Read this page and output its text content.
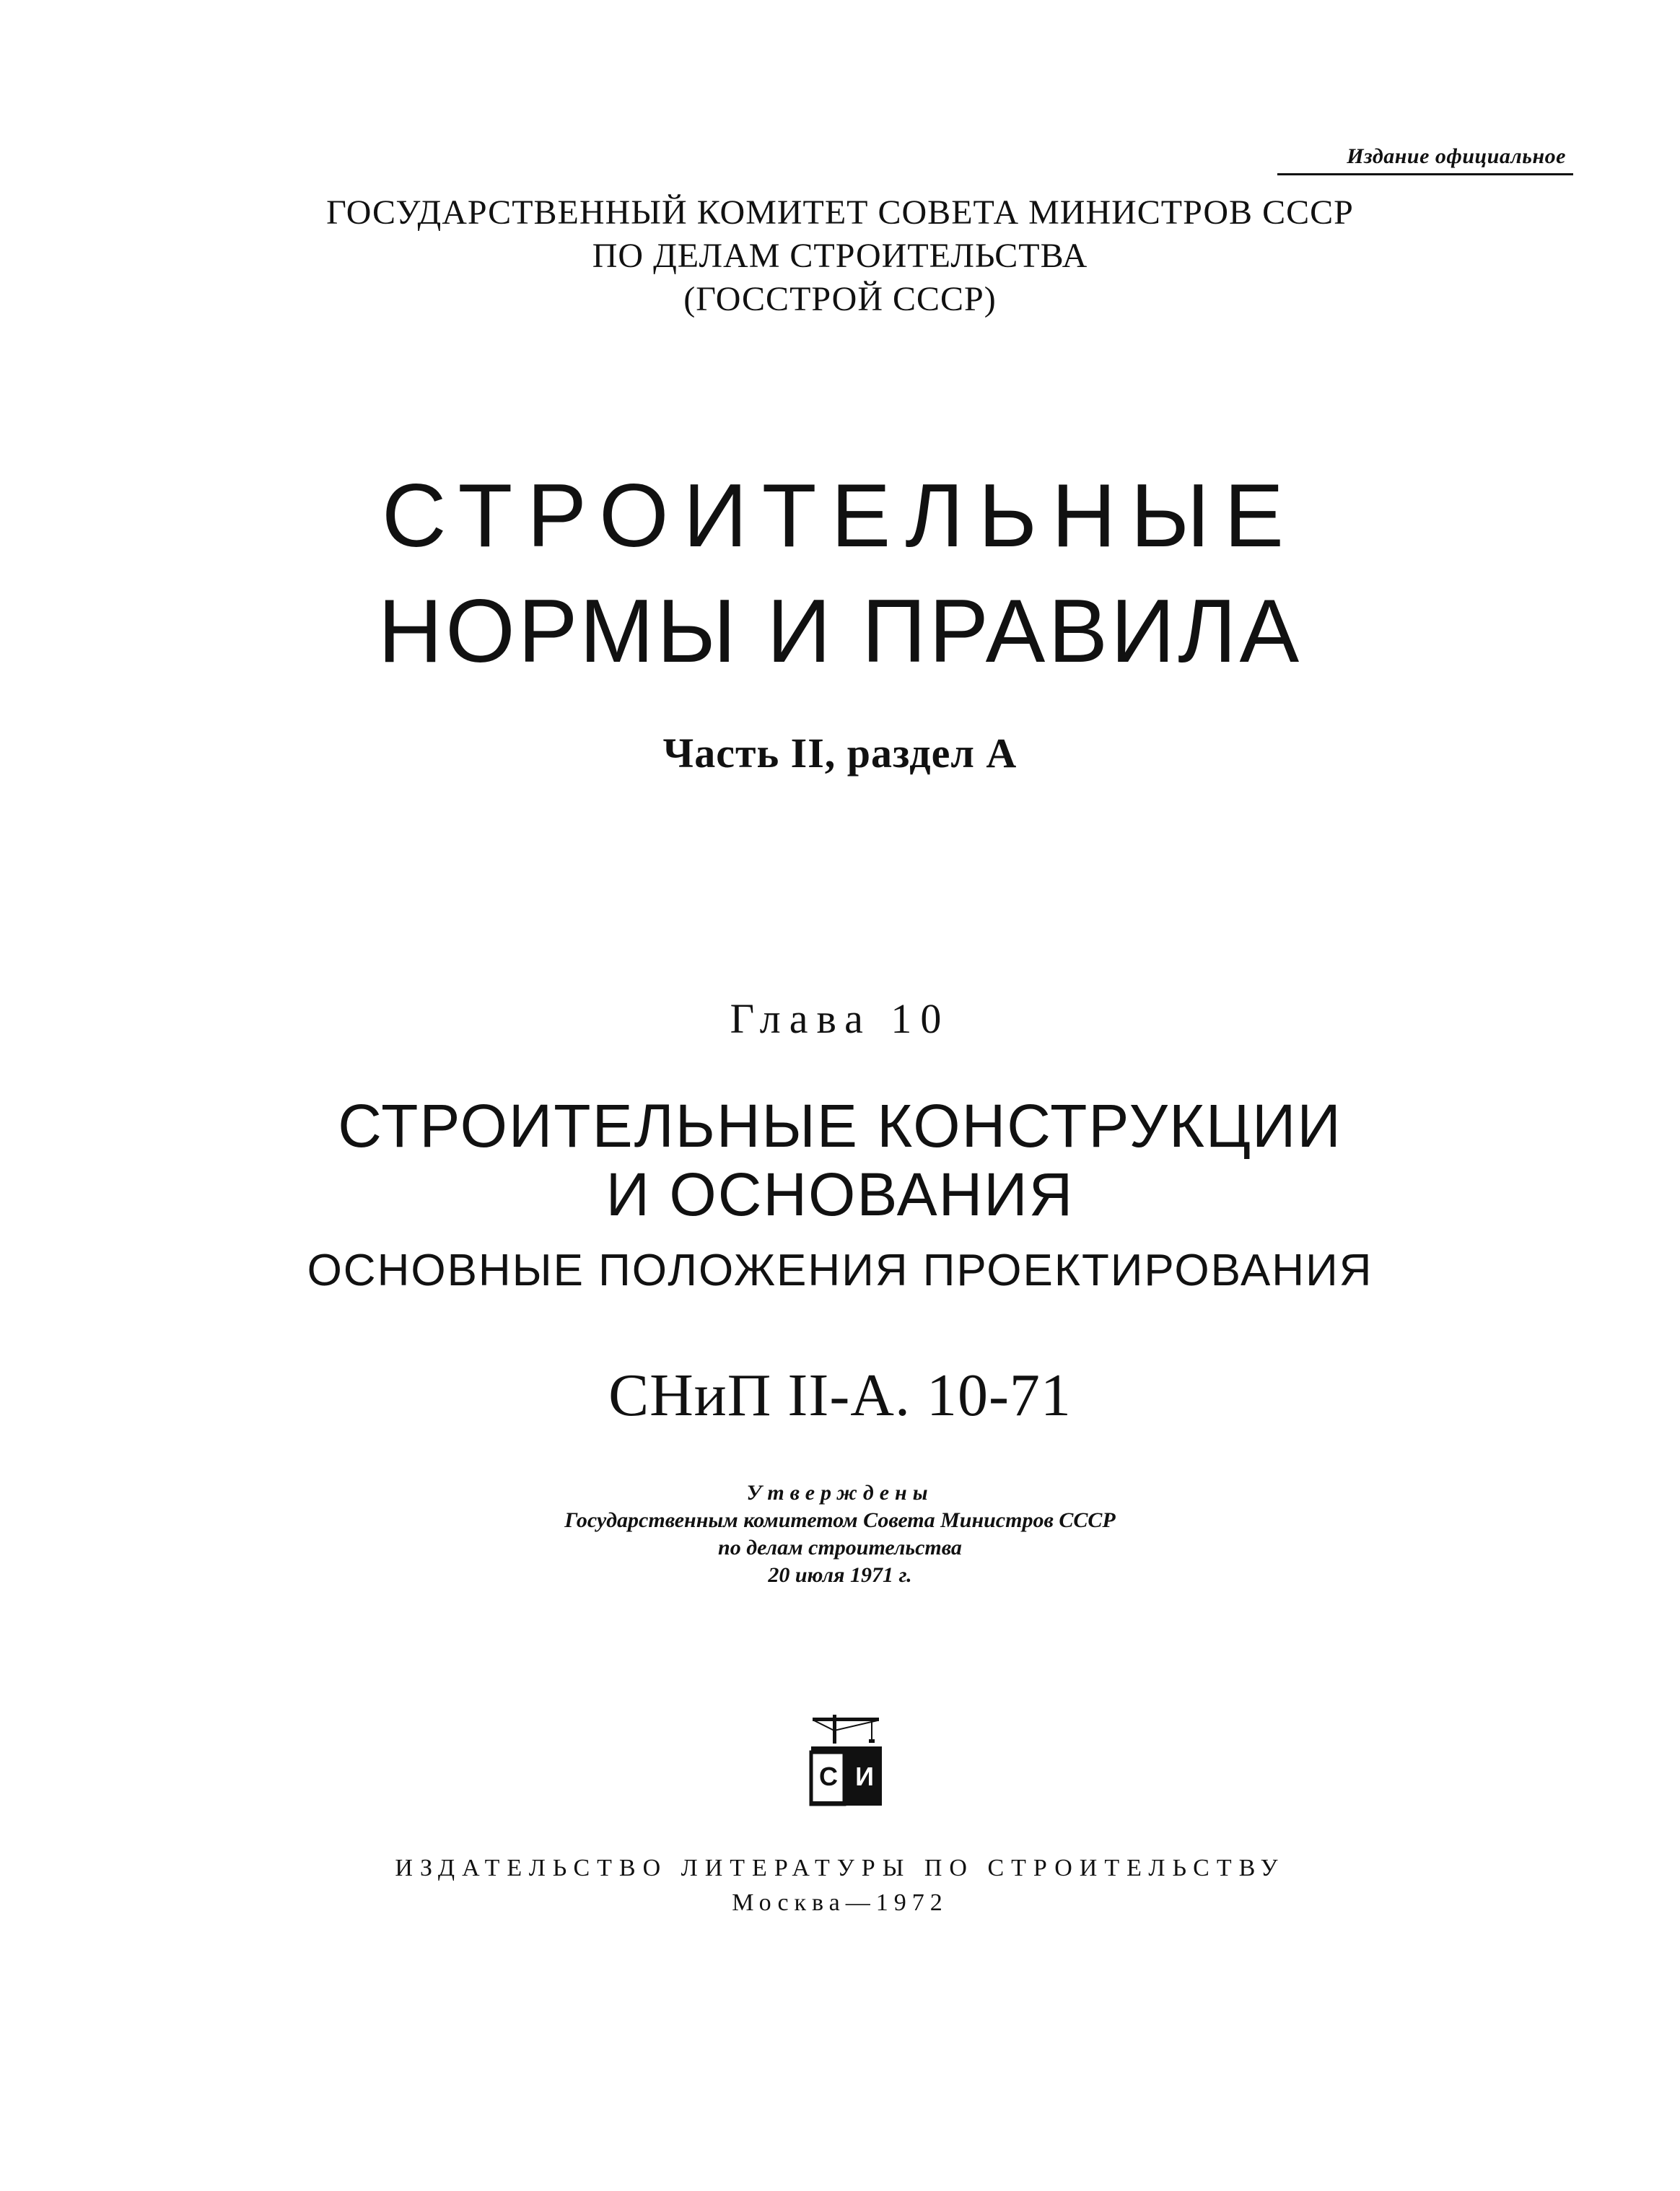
Издание официальное
ГОСУДАРСТВЕННЫЙ КОМИТЕТ СОВЕТА МИНИСТРОВ СССР
ПО ДЕЛАМ СТРОИТЕЛЬСТВА
(ГОССТРОЙ СССР)
СТРОИТЕЛЬНЫЕ
НОРМЫ И ПРАВИЛА
Часть II, раздел А
Глава 10
СТРОИТЕЛЬНЫЕ КОНСТРУКЦИИ
И ОСНОВАНИЯ
ОСНОВНЫЕ ПОЛОЖЕНИЯ ПРОЕКТИРОВАНИЯ
СНиП II-А. 10-71
Утверждены
Государственным комитетом Совета Министров СССР
по делам строительства
20 июля 1971 г.
С И
ИЗДАТЕЛЬСТВО ЛИТЕРАТУРЫ ПО СТРОИТЕЛЬСТВУ
Москва—1972
